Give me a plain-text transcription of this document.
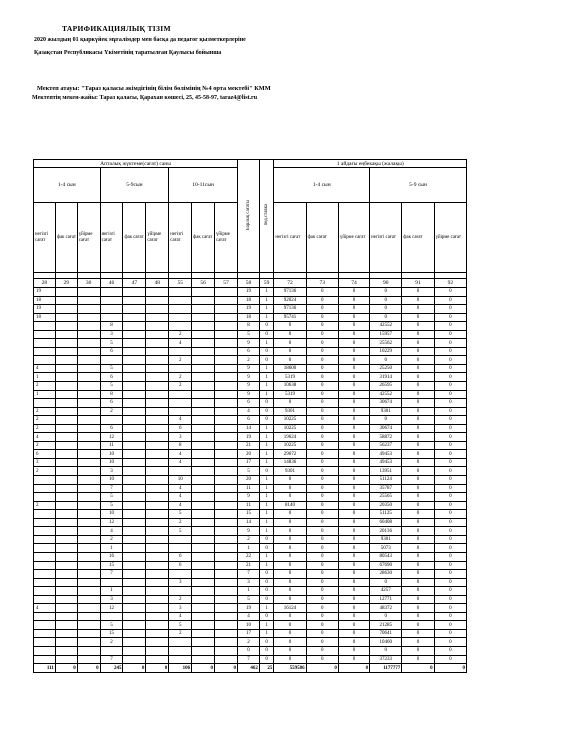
ТАРИФИКАЦИЯЛЫҚ ТІЗІМ
2020 жылдың 01 қыркүйек мұғалімдер мен басқа да педагог қызметкерлеріне
Қазақстан Республикасы Үкіметінің таратылған Қаулысы бойынша
Мектеп атауы: "Тараз қаласы әкімдігінің білім бөлімінің №4 орта мектебі" КММ
Мектептің мекен-жайы: Тараз қаласы, Қарахан көшесі, 25, 45-58-97, taraz4@list.ru
Апталық жүктеме(сағат) саны									Барлық сағаты	пед.ставка	1 айдағы еңбекақы (жалақы)					
1-4 сын			5-9сын			10-11сын					1-4 сын			5-9 сын		
негізгі сағат	фак сағат	үйірме сағат	негізгі сағат	фак сағат	үйірме сағат	негізгі сағат	фак сағат	үйірме сағат			негізгі сағат	фак сағат	үйірме сағат	негізгі сағат	фак сағат	үйірме сағат

28	29	30	46	47	48	55	56	57	58	59	72	73	74	90	91	92
19									19	1	97136	0	0	0	0	0
18									18	1	92024	0	0	0	0	0
19									19	1	97136	0	0	0	0	0
18									18	1	95741	0	0	0	0	0
			8						8	0	0	0	0	42552	0	0
			3			2			5	0	0	0	0	15957	0	0
			5			4			9	1	0	0	0	25562	0	0
			6						6	0	0	0	0	10229	0	0
						2			2	0	0	0	0	0	0	0
4			5						9	1	18600	0	0	25250	0	0
1			6			2			9	1	5319	0	0	31914	0	0
2			5			2			9	1	10638	0	0	26595	0	0
1			8						9	1	5319	0	0	42552	0	0
			6						6	0	0	0	0	30674	0	0
2			2						4	0	9301	0	0	9301	0	0
2						4			6	0	10225	0	0	0	0	0
2			6			6			14	1	10225	0	0	30674	0	0
4			12			3			19	1	19624	0	0	58872	0	0
2			11			8			21	1	10225	0	0	56237	0	0
6			10			4			20	1	29672	0	0	49453	0	0
3			10			4			17	1	14836	0	0	49453	0	0
2			3						5	0	9301	0	0	13951	0	0
			10			10			20	1	0	0	0	51124	0	0
			7			4			11	1	0	0	0	35787	0	0
			5			4			9	1	0	0	0	25565	0	0
2			5			4			11	1	8140	0	0	20350	0	0
			10			5			15	1	0	0	0	51125	0	0
			12			2			14	1	0	0	0	60408	0	0
			4			5			9	1	0	0	0	20136	0	0
			2						2	0	0	0	0	9301	0	0
			1						1	0	0	0	0	5073	0	0
			16			6			22	1	0	0	0	80543	0	0
			15			6			21	1	0	0	0	67690	0	0
			7						7	0	0	0	0	28630	0	0
						3			3	0	0	0	0	0	0	0
			1						1	0	0	0	0	4257	0	0
			3			2			5	0	0	0	0	12771	0	0
4			12			3			19	1	16124	0	0	48372	0	0
						4			4	0	0	0	0	0	0	0
			5			5			10	1	0	0	0	21285	0	0
			15			2			17	1	0	0	0	70641	0	0
			2						2	0	0	0	0	10460	0	0
									0	0	0	0	0	0	0	0
			7						7	0	0	0	0	37233	0	0
111	0	0	245	0	0	106	0	0	462	25	559586	0	0	1177777	0	0
